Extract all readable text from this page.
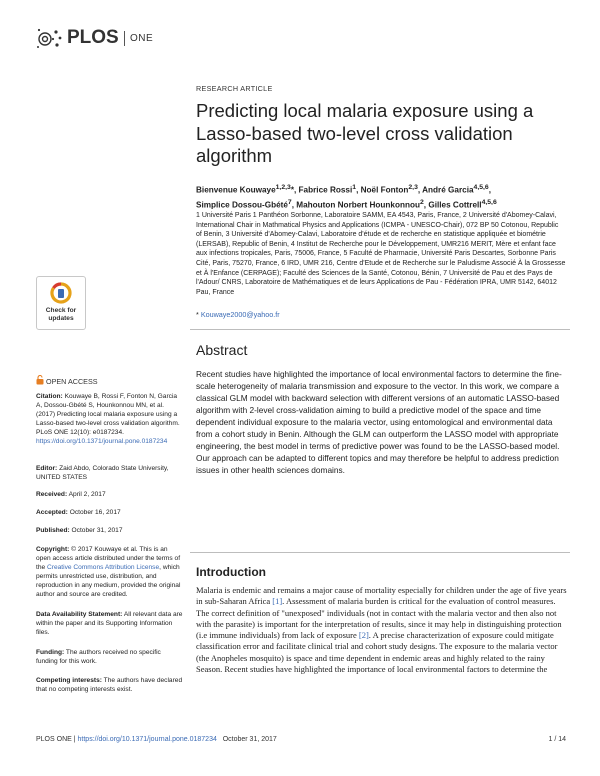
PLOS ONE
Check for
updates
OPEN ACCESS
Citation: Kouwaye B, Rossi F, Fonton N, Garcia A, Dossou-Gbété S, Hounkonnou MN, et al. (2017) Predicting local malaria exposure using a Lasso-based two-level cross validation algorithm. PLoS ONE 12(10): e0187234. https://doi.org/10.1371/journal.pone.0187234
Editor: Zaid Abdo, Colorado State University, UNITED STATES
Received: April 2, 2017
Accepted: October 16, 2017
Published: October 31, 2017
Copyright: © 2017 Kouwaye et al. This is an open access article distributed under the terms of the Creative Commons Attribution License, which permits unrestricted use, distribution, and reproduction in any medium, provided the original author and source are credited.
Data Availability Statement: All relevant data are within the paper and its Supporting Information files.
Funding: The authors received no specific funding for this work.
Competing interests: The authors have declared that no competing interests exist.
RESEARCH ARTICLE
Predicting local malaria exposure using a Lasso-based two-level cross validation algorithm
Bienvenue Kouwaye$^{1,2,3}$*, Fabrice Rossi$^1$, Noël Fonton$^{2,3}$, André Garcia$^{4,5,6}$,
Simplice Dossou-Gbété$^7$, Mahouton Norbert Hounkonnou$^2$, Gilles Cottrell$^{4,5,6}$
1 Université Paris 1 Panthéon Sorbonne, Laboratoire SAMM, EA 4543, Paris, France, 2 Université d'Abomey-Calavi, International Chair in Mathmatical Physics and Applications (ICMPA - UNESCO-Chair), 072 BP 50 Cotonou, Republic of Benin, 3 Université d'Abomey-Calavi, Laboratoire d'étude et de recherche en statistique appliquée et biométrie (LERSAB), Republic of Benin, 4 Institut de Recherche pour le Développement, UMR216 MERIT, Mère et enfant face aux infections tropicales, Paris, 75006, France, 5 Faculté de Pharmacie, Université Paris Descartes, Sorbonne Paris Cité, Paris, 75270, France, 6 IRD, UMR 216, Centre d'Etude et de Recherche sur le Paludisme Associé À la Grossesse et À l'Enfance (CERPAGE); Faculté des Sciences de la Santé, Cotonou, Bénin, 7 Université de Pau et des Pays de l'Adour/ CNRS, Laboratoire de Mathématiques et de leurs Applications de Pau - Fédération IPRA, UMR 5142, 64012 Pau, France
* Kouwaye2000@yahoo.fr
Abstract
Recent studies have highlighted the importance of local environmental factors to determine the fine-scale heterogeneity of malaria transmission and exposure to the vector. In this work, we compare a classical GLM model with backward selection with different versions of an automatic LASSO-based algorithm with 2-level cross-validation aiming to build a predictive model of the space and time dependent individual exposure to the malaria vector, using entomological and environmental data from a cohort study in Benin. Although the GLM can outperform the LASSO model with appropriate engineering, the best model in terms of predictive power was found to be the LASSO-based model. Our approach can be adapted to different topics and may therefore be helpful to address prediction issues in other health sciences domains.
Introduction
Malaria is endemic and remains a major cause of mortality especially for children under the age of five years in sub-Saharan Africa [1]. Assessment of malaria burden is critical for the evaluation of control measures. The correct definition of "unexposed" individuals (not in contact with the malaria vector and then also not with the parasite) is important for the interpretation of results, since it may help in distinguishing protection (i.e immune individuals) from lack of exposure [2]. A precise characterization of exposure could mitigate classification error and facilitate clinical trial and cohort study designs. The exposure to the malaria vector (the Anopheles mosquito) is space and time dependent in endemic areas and highly related to the rainy Season. Recent studies have highlighted the importance of local environmental factors to determine the
PLOS ONE | https://doi.org/10.1371/journal.pone.0187234 October 31, 2017	1 / 14
